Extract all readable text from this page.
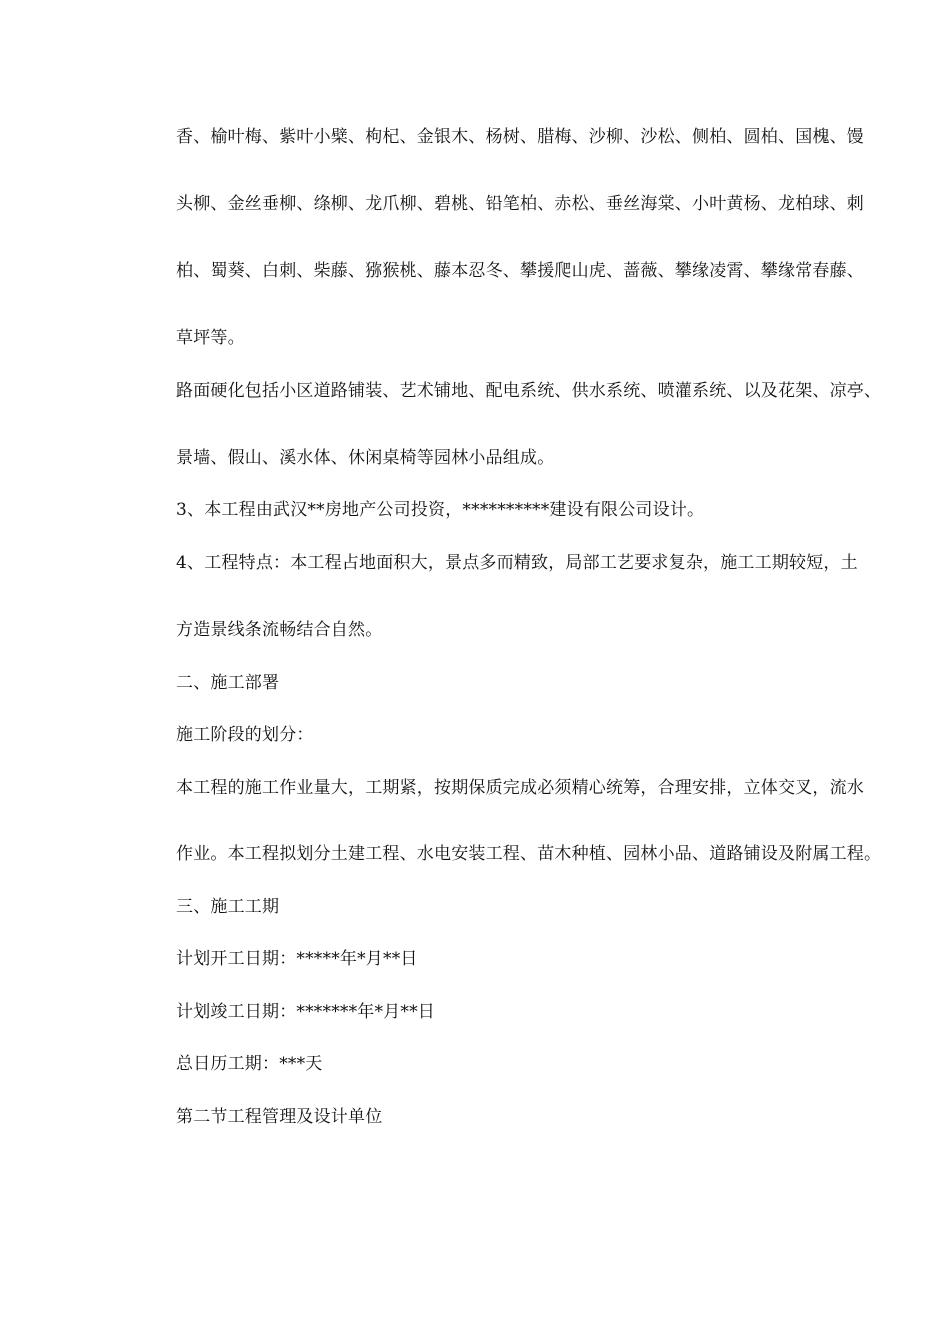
香、榆叶梅、紫叶小檗、枸杞、金银木、杨树、腊梅、沙柳、沙松、侧柏、圆柏、国槐、馒
头柳、金丝垂柳、绦柳、龙爪柳、碧桃、铅笔柏、赤松、垂丝海棠、小叶黄杨、龙柏球、刺
柏、蜀葵、白刺、柴藤、猕猴桃、藤本忍冬、攀援爬山虎、蔷薇、攀缘凌霄、攀缘常春藤、
草坪等。
路面硬化包括小区道路铺装、艺术铺地、配电系统、供水系统、喷灌系统、以及花架、凉亭、
景墙、假山、溪水体、休闲桌椅等园林小品组成。
3、本工程由武汉**房地产公司投资，**********建设有限公司设计。
4、工程特点：本工程占地面积大，景点多而精致，局部工艺要求复杂，施工工期较短，土
方造景线条流畅结合自然。
二、施工部署
施工阶段的划分：
本工程的施工作业量大，工期紧，按期保质完成必须精心统筹，合理安排，立体交叉，流水
作业。本工程拟划分土建工程、水电安装工程、苗木种植、园林小品、道路铺设及附属工程。
三、施工工期
计划开工日期：*****年*月**日
计划竣工日期：*******年*月**日
总日历工期：***天
第二节工程管理及设计单位
